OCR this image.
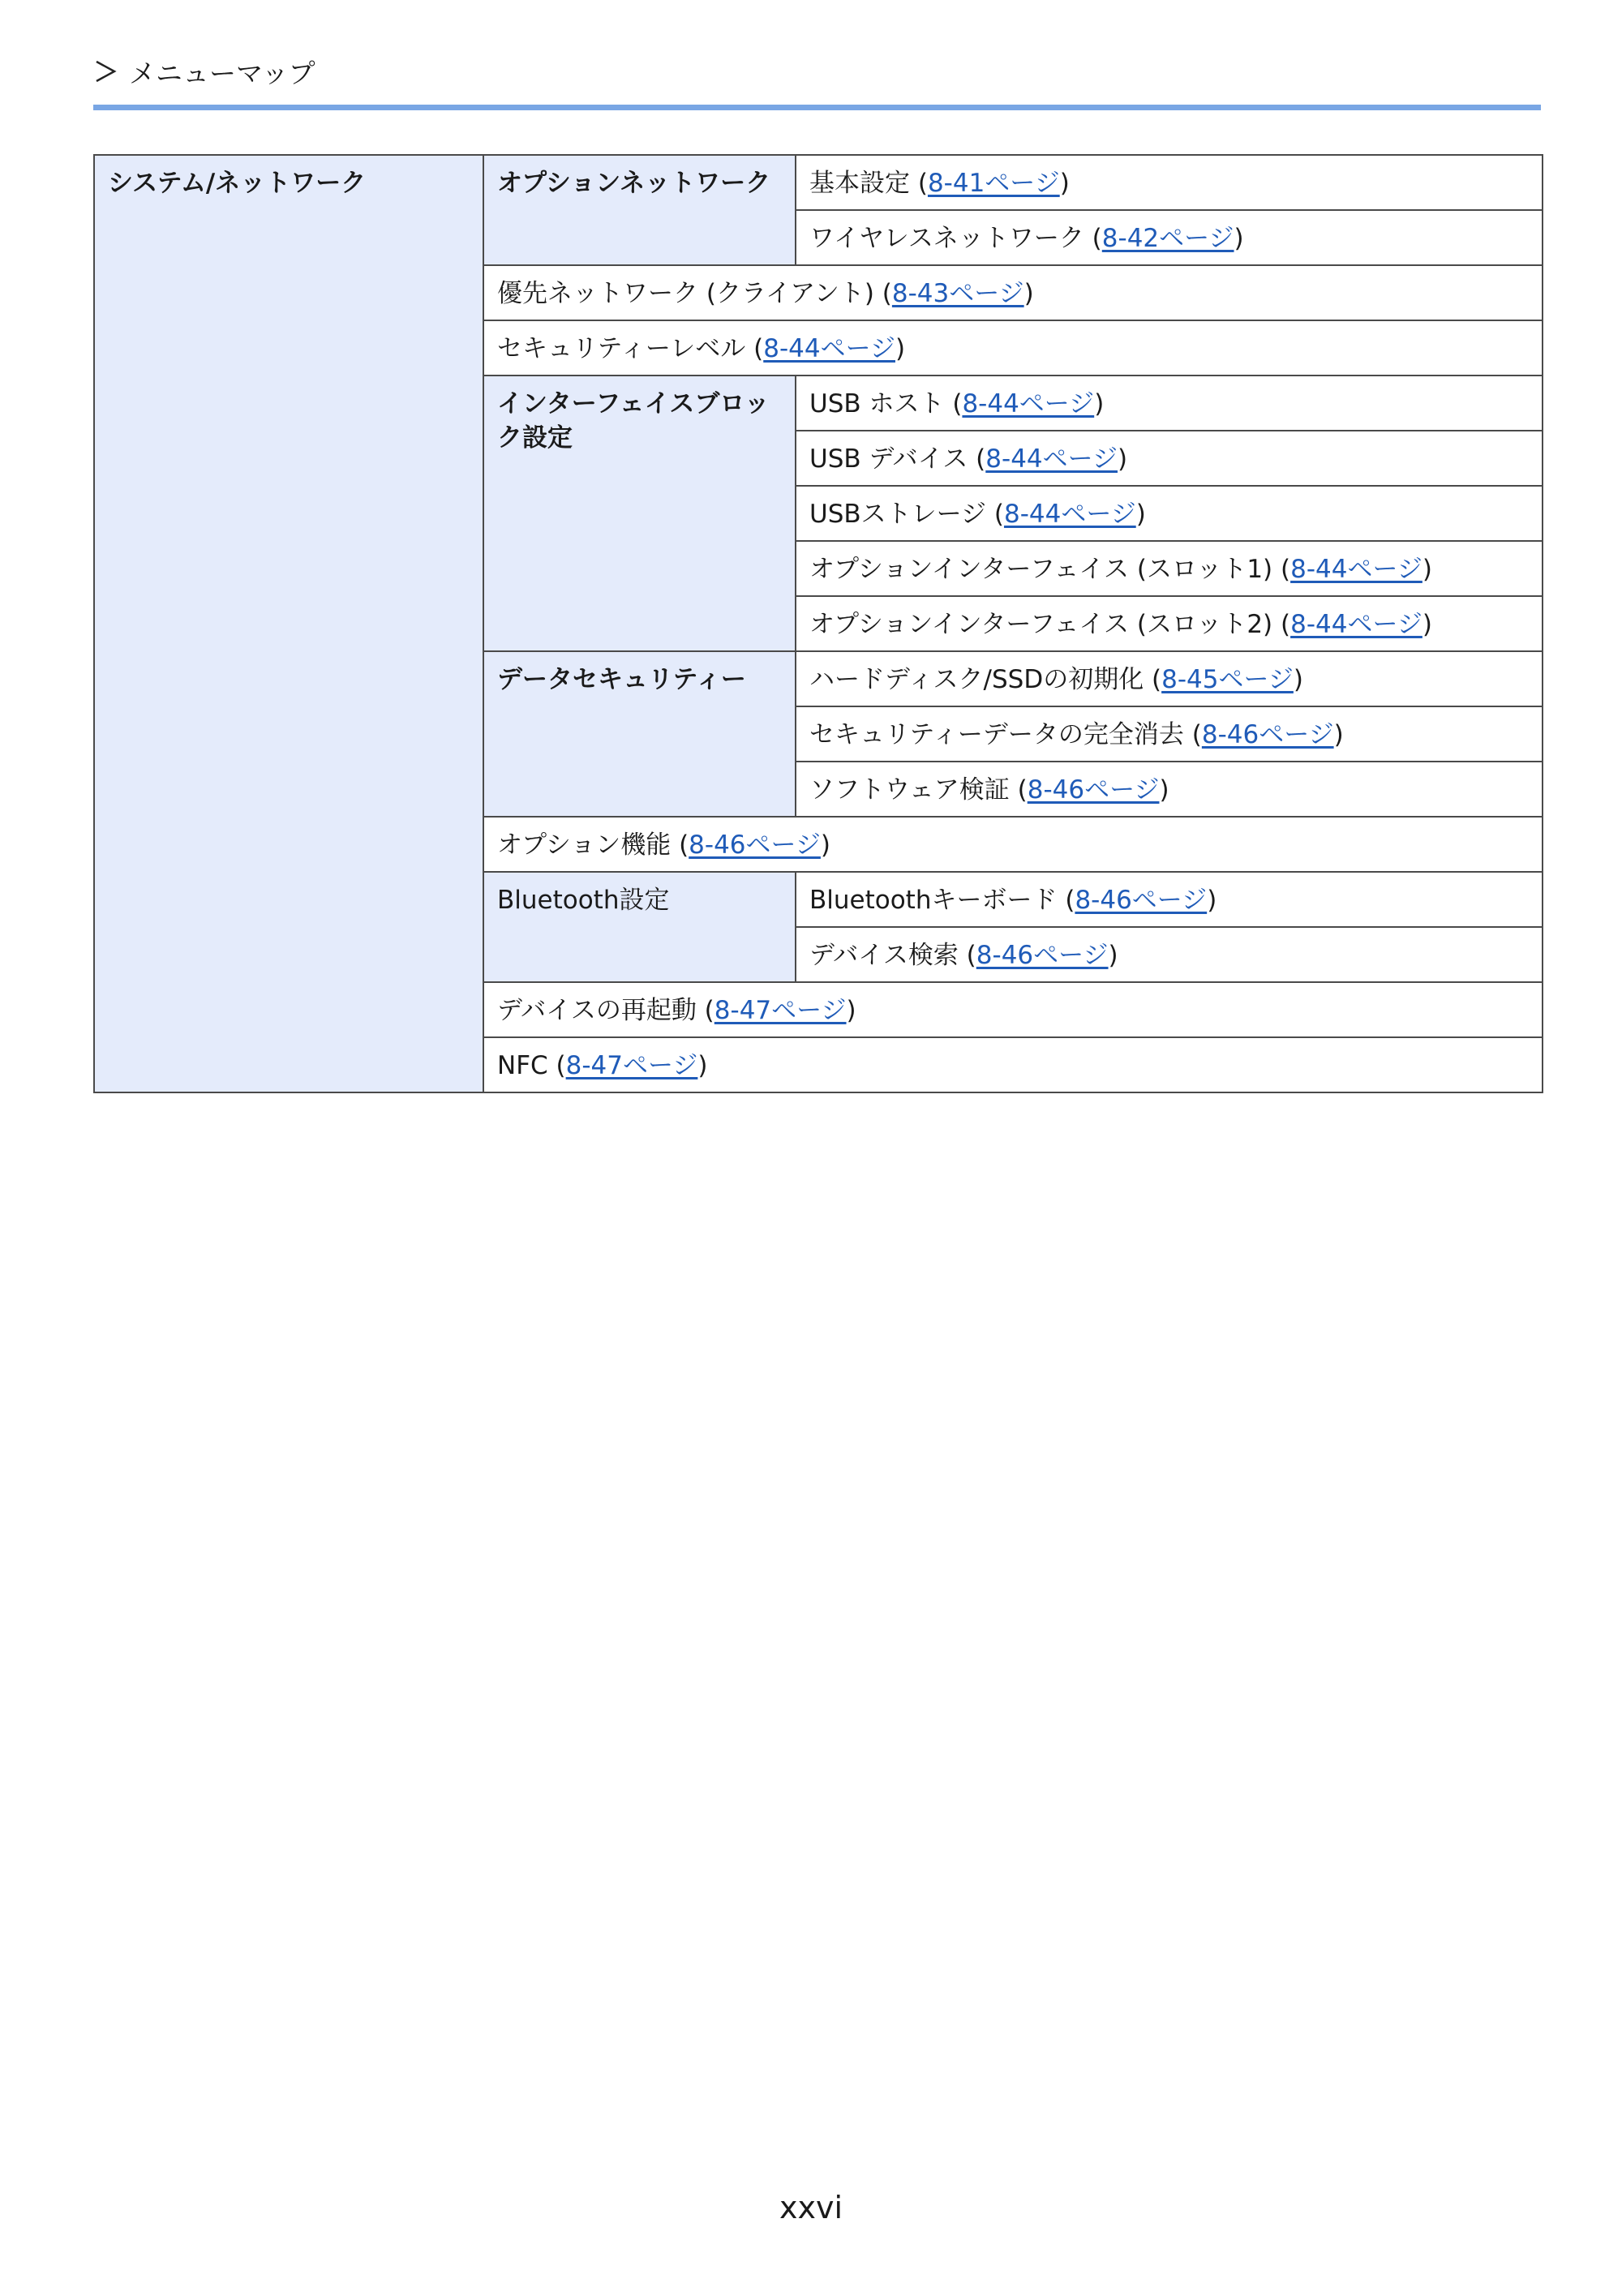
メニューマップ
システム/ネットワーク	オプションネットワーク	基本設定 (8-41ページ)
		ワイヤレスネットワーク (8-42ページ)
	優先ネットワーク (クライアント) (8-43ページ)	
	セキュリティーレベル (8-44ページ)	
	インターフェイスブロック設定	USB ホスト (8-44ページ)
		USB デバイス (8-44ページ)
		USBストレージ (8-44ページ)
		オプションインターフェイス (スロット1) (8-44ページ)
		オプションインターフェイス (スロット2) (8-44ページ)
	データセキュリティー	ハードディスク/SSDの初期化 (8-45ページ)
		セキュリティーデータの完全消去 (8-46ページ)
		ソフトウェア検証 (8-46ページ)
	オプション機能 (8-46ページ)	
	Bluetooth設定	Bluetoothキーボード (8-46ページ)
		デバイス検索 (8-46ページ)
	デバイスの再起動 (8-47ページ)	
	NFC (8-47ページ)	
xxvi
